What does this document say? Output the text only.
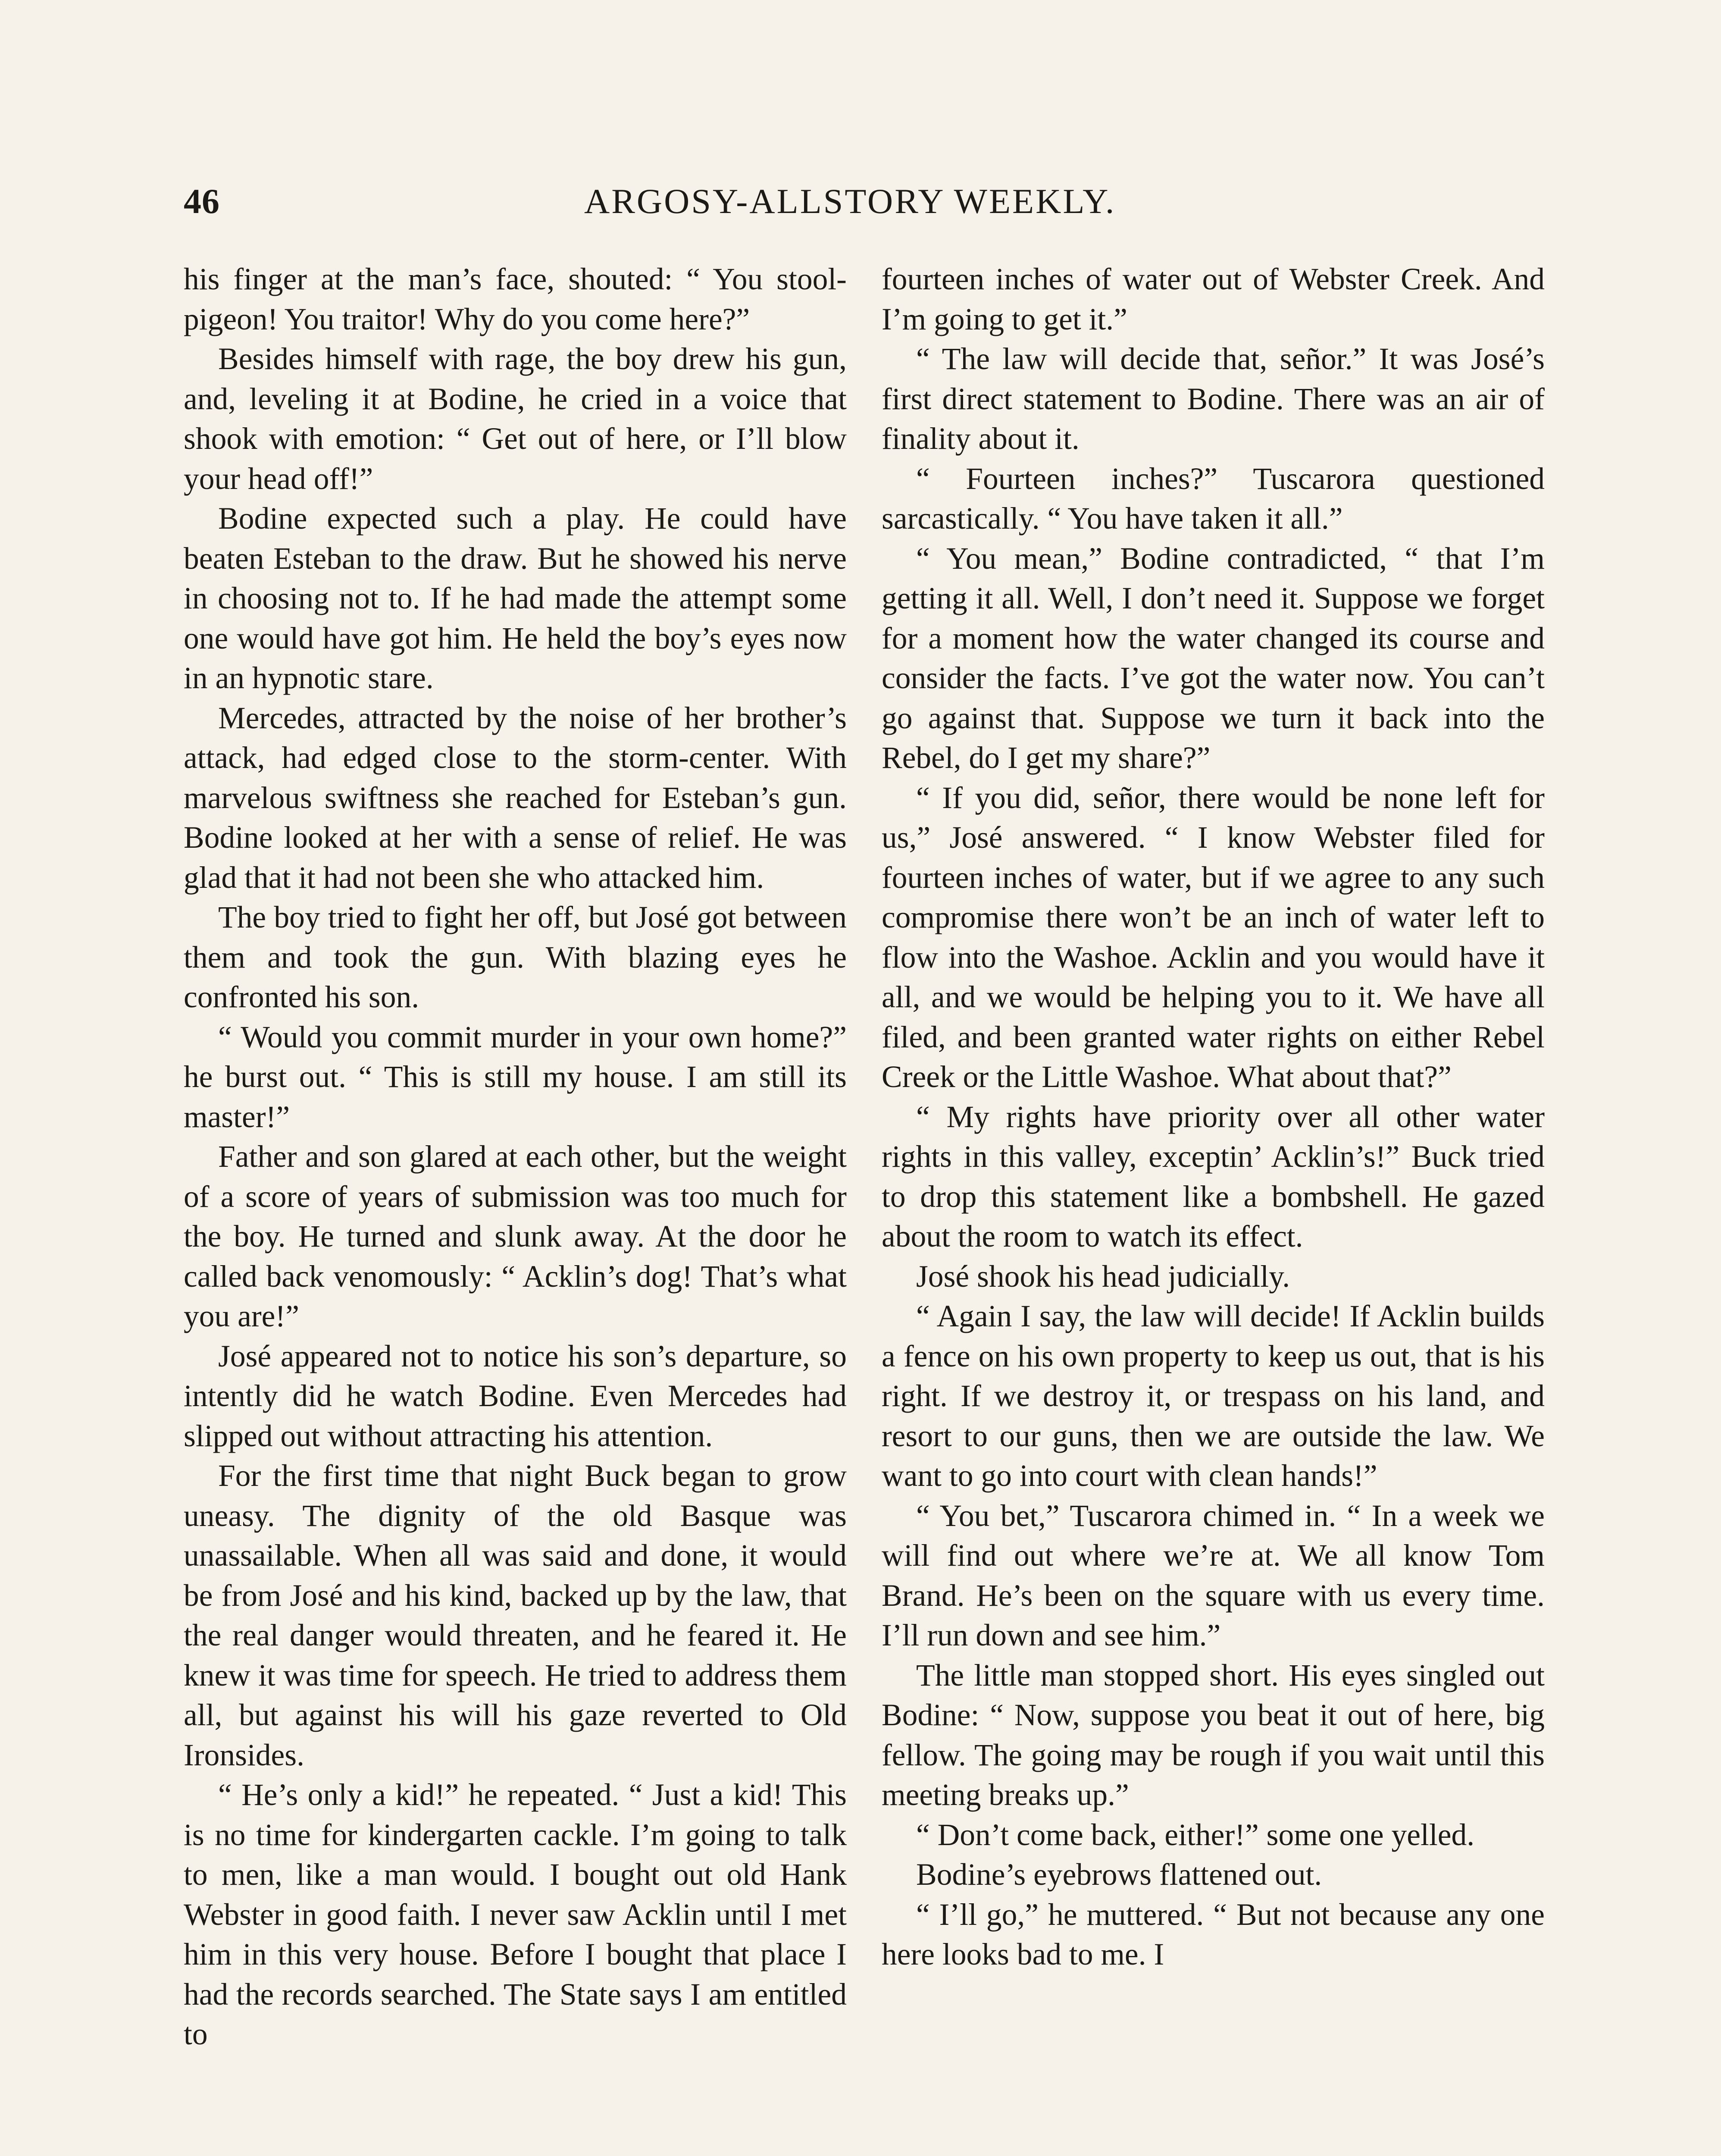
46	ARGOSY-ALLSTORY WEEKLY.

his finger at the man’s face, shouted: “ You stool-pigeon! You traitor! Why do you come here?”

Besides himself with rage, the boy drew his gun, and, leveling it at Bodine, he cried in a voice that shook with emotion: “ Get out of here, or I’ll blow your head off!”

Bodine expected such a play. He could have beaten Esteban to the draw. But he showed his nerve in choosing not to. If he had made the attempt some one would have got him. He held the boy’s eyes now in an hypnotic stare.

Mercedes, attracted by the noise of her brother’s attack, had edged close to the storm-center. With marvelous swiftness she reached for Esteban’s gun. Bodine looked at her with a sense of relief. He was glad that it had not been she who attacked him.

The boy tried to fight her off, but José got between them and took the gun. With blazing eyes he confronted his son.

“ Would you commit murder in your own home?” he burst out. “ This is still my house. I am still its master!”

Father and son glared at each other, but the weight of a score of years of submission was too much for the boy. He turned and slunk away. At the door he called back venomously: “ Acklin’s dog! That’s what you are!”

José appeared not to notice his son’s departure, so intently did he watch Bodine. Even Mercedes had slipped out without attracting his attention.

For the first time that night Buck began to grow uneasy. The dignity of the old Basque was unassailable. When all was said and done, it would be from José and his kind, backed up by the law, that the real danger would threaten, and he feared it. He knew it was time for speech. He tried to address them all, but against his will his gaze reverted to Old Ironsides.

“ He’s only a kid!” he repeated. “ Just a kid! This is no time for kindergarten cackle. I’m going to talk to men, like a man would. I bought out old Hank Webster in good faith. I never saw Acklin until I met him in this very house. Before I bought that place I had the records searched. The State says I am entitled to

fourteen inches of water out of Webster Creek. And I’m going to get it.”

“ The law will decide that, señor.” It was José’s first direct statement to Bodine. There was an air of finality about it.

“ Fourteen inches?” Tuscarora questioned sarcastically. “ You have taken it all.”

“ You mean,” Bodine contradicted, “ that I’m getting it all. Well, I don’t need it. Suppose we forget for a moment how the water changed its course and consider the facts. I’ve got the water now. You can’t go against that. Suppose we turn it back into the Rebel, do I get my share?”

“ If you did, señor, there would be none left for us,” José answered. “ I know Webster filed for fourteen inches of water, but if we agree to any such compromise there won’t be an inch of water left to flow into the Washoe. Acklin and you would have it all, and we would be helping you to it. We have all filed, and been granted water rights on either Rebel Creek or the Little Washoe. What about that?”

“ My rights have priority over all other water rights in this valley, exceptin’ Acklin’s!” Buck tried to drop this statement like a bombshell. He gazed about the room to watch its effect.

José shook his head judicially.

“ Again I say, the law will decide! If Acklin builds a fence on his own property to keep us out, that is his right. If we destroy it, or trespass on his land, and resort to our guns, then we are outside the law. We want to go into court with clean hands!”

“ You bet,” Tuscarora chimed in. “ In a week we will find out where we’re at. We all know Tom Brand. He’s been on the square with us every time. I’ll run down and see him.”

The little man stopped short. His eyes singled out Bodine: “ Now, suppose you beat it out of here, big fellow. The going may be rough if you wait until this meeting breaks up.”

“ Don’t come back, either!” some one yelled.

Bodine’s eyebrows flattened out.

“ I’ll go,” he muttered. “ But not because any one here looks bad to me. I
